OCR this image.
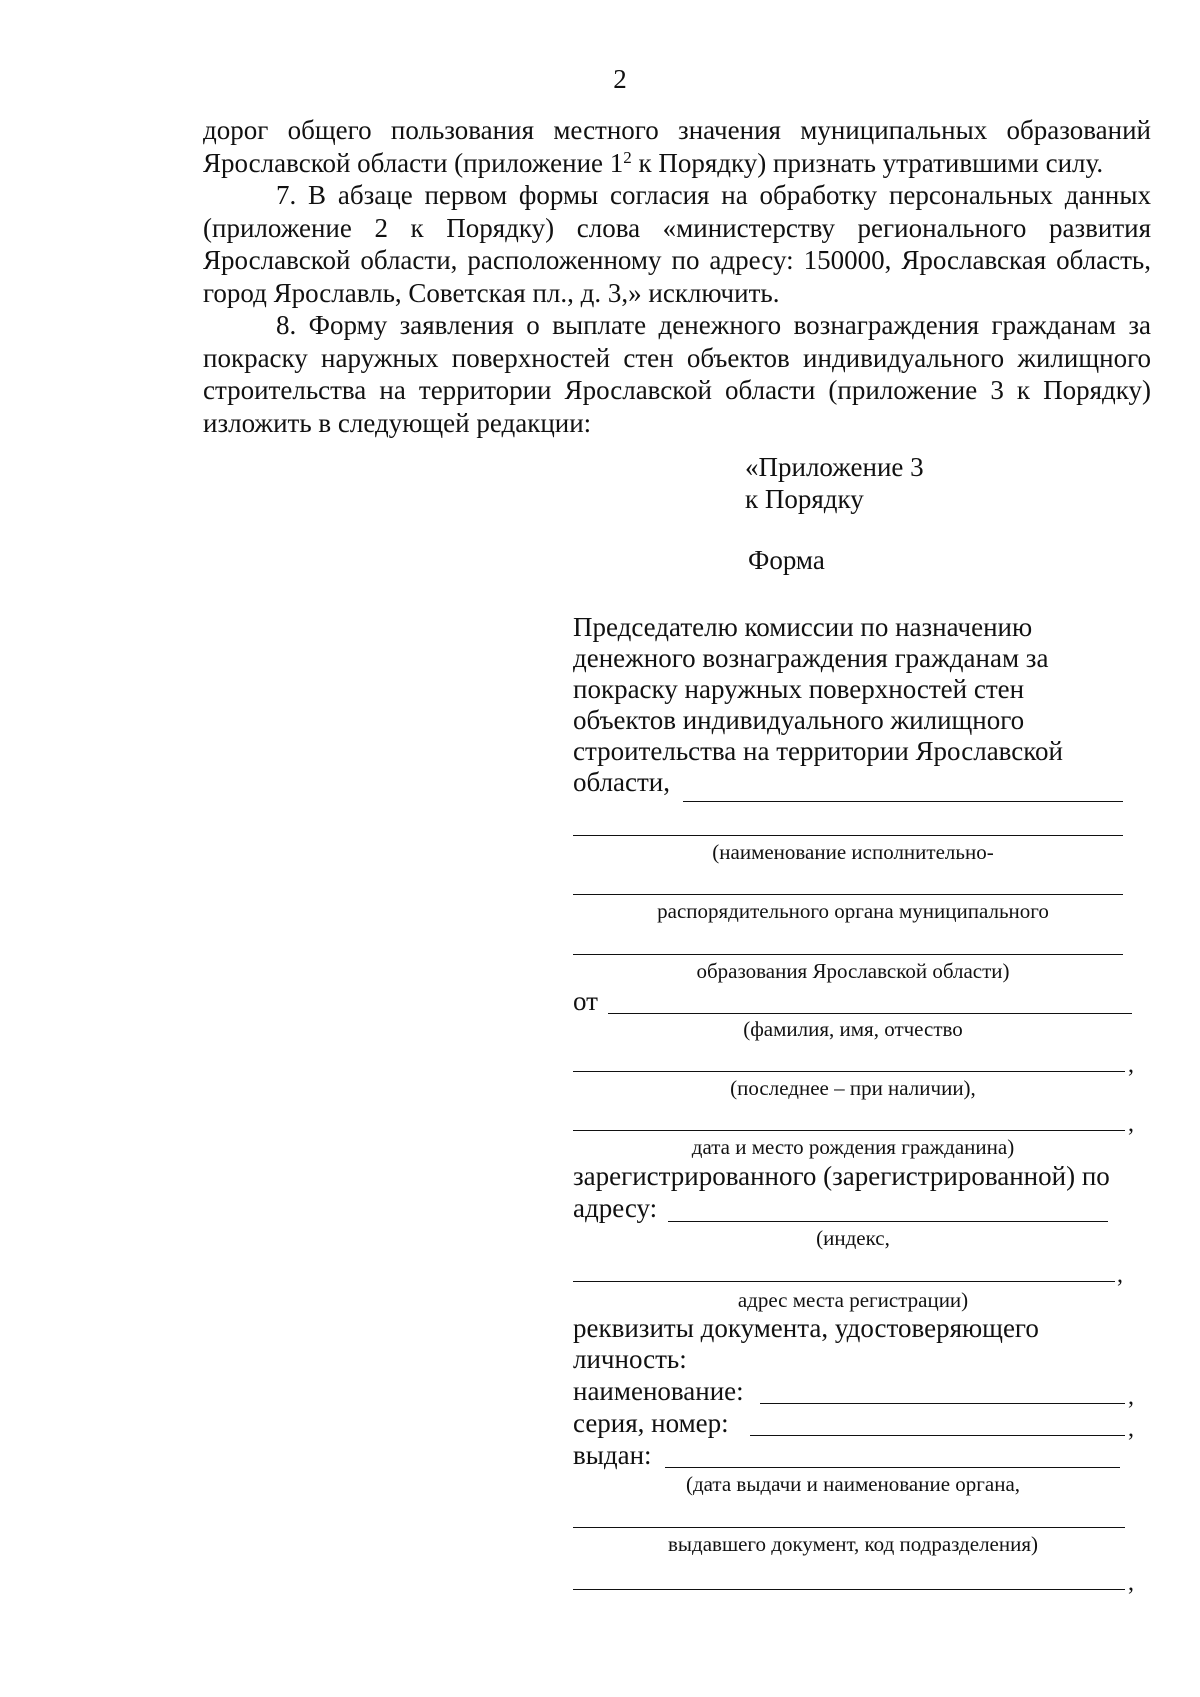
2

дорог общего пользования местного значения муниципальных образований

Ярославской области (приложение $1^2$ к Порядку) признать утратившими силу.

7. В абзаце первом формы согласия на обработку персональных данных (приложение 2 к Порядку) слова «министерству регионального развития Ярославской области, расположенному по адресу: 150000, Ярославская область, город Ярославль, Советская пл., д. 3,» исключить.

8. Форму заявления о выплате денежного вознаграждения гражданам за покраску наружных поверхностей стен объектов индивидуального жилищного строительства на территории Ярославской области (приложение 3 к Порядку) изложить в следующей редакции:

«Приложение 3
к Порядку
Форма
Председателю комиссии по назначению
денежного вознаграждения гражданам за
покраску наружных поверхностей стен
объектов индивидуального жилищного
строительства на территории Ярославской
области,
(наименование исполнительно-
распорядительного органа муниципального
образования Ярославской области)
от
(фамилия, имя, отчество
,
(последнее – при наличии),
,
дата и место рождения гражданина)
зарегистрированного (зарегистрированной) по
адресу:
(индекс,
,
адрес места регистрации)
реквизиты документа, удостоверяющего
личность:
наименование:	,
серия, номер:	,
выдан:
(дата выдачи и наименование органа,
выдавшего документ, код подразделения)
,
